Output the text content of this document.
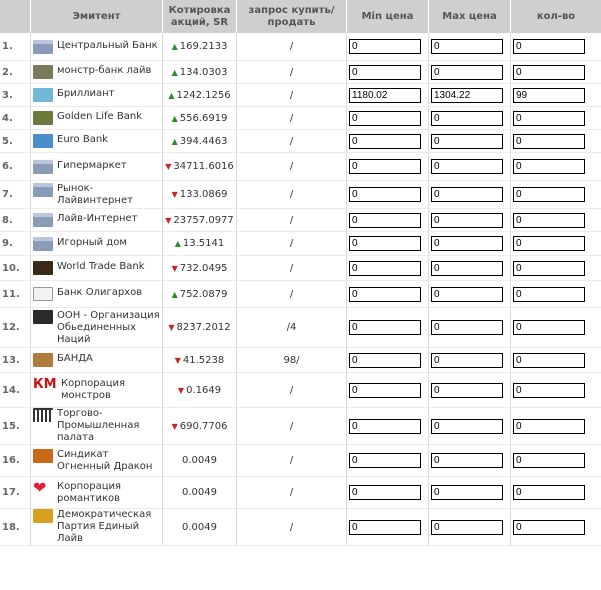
	Эмитент	Котировка акций, SR	запрос купить/продать	Min цена	Max цена	кол-во
1.	Центральный Банк	▲ 169.2133	/	0	0	0
2.	монстр-банк лайв	▲ 134.0303	/	0	0	0
3.	Бриллиант	▲ 1242.1256	/	1180.02	1304.22	99
4.	Golden Life Bank	▲ 556.6919	/	0	0	0
5.	Euro Bank	▲ 394.4463	/	0	0	0
6.	Гипермаркет	▼ 34711.6016	/	0	0	0
7.	Рынок-Лайвинтернет	▼ 133.0869	/	0	0	0
8.	Лайв-Интернет	▼ 23757.0977	/	0	0	0
9.	Игорный дом	▲ 13.5141	/	0	0	0
10.	World Trade Bank	▼ 732.0495	/	0	0	0
11.	Банк Олигархов	▲ 752.0879	/	0	0	0
12.	ООН - Организация Обьединенных Наций	▼ 8237.2012	/4	0	0	0
13.	БАНДА	▼ 41.5238	98/	0	0	0
14.	КМ Корпорация монстров	▼ 0.1649	/	0	0	0
15.	Торгово-Промышленная палата	▼ 690.7706	/	0	0	0
16.	Синдикат Огненный Дракон	0.0049	/	0	0	0
17.	❤ Корпорация романтиков	0.0049	/	0	0	0
18.	Демократическая Партия Единый Лайв	0.0049	/	0	0	0
